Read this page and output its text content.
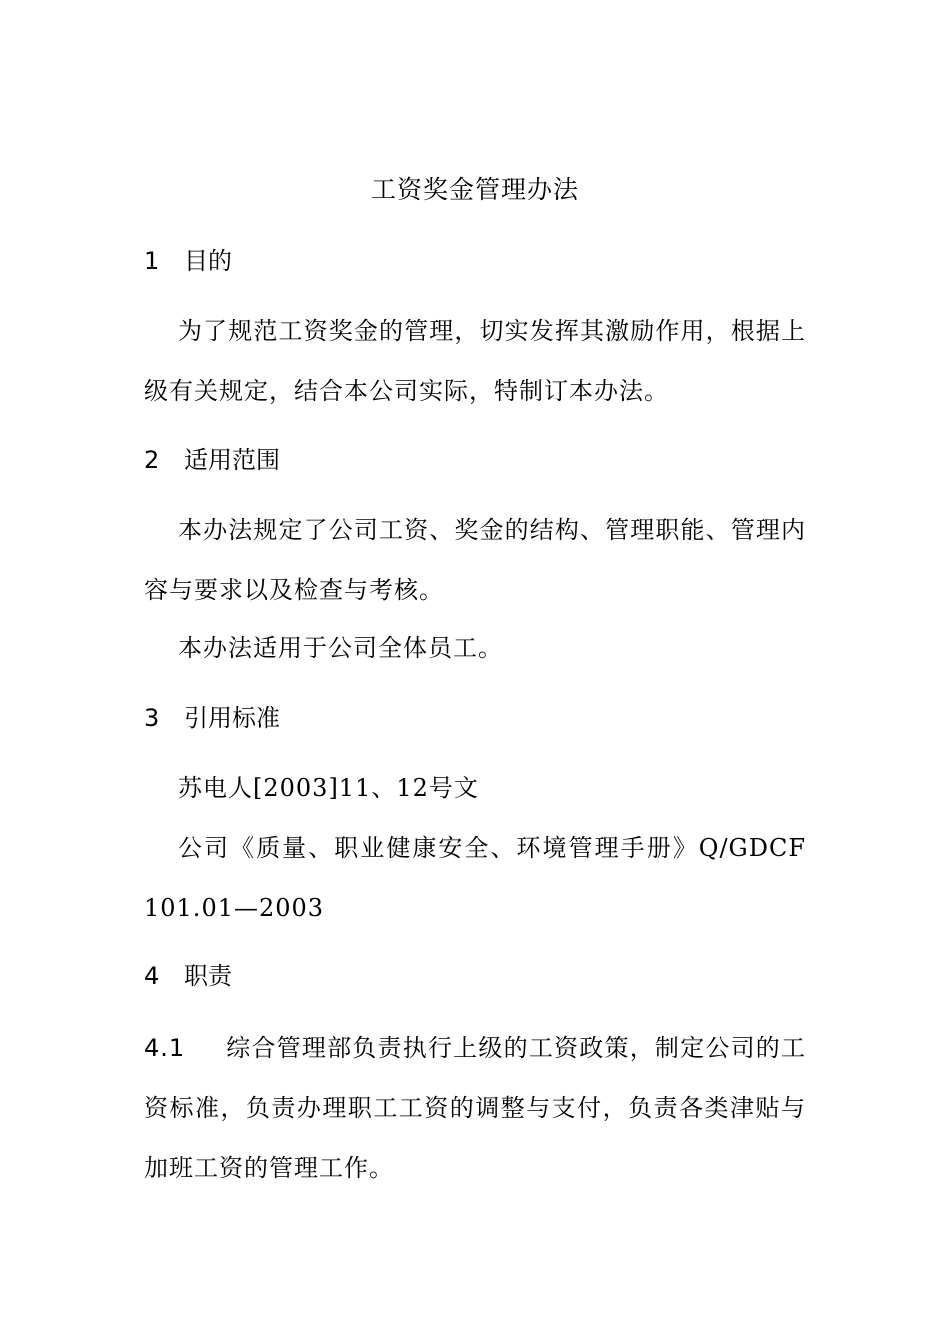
工资奖金管理办法
1 目的
为了规范工资奖金的管理，切实发挥其激励作用，根据上级有关规定，结合本公司实际，特制订本办法。
2 适用范围
本办法规定了公司工资、奖金的结构、管理职能、管理内容与要求以及检查与考核。
本办法适用于公司全体员工。
3 引用标准
苏电人[2003]11、12号文
公司《质量、职业健康安全、环境管理手册》Q/GDCF 101.01—2003
4 职责
4.1 综合管理部负责执行上级的工资政策，制定公司的工资标准，负责办理职工工资的调整与支付，负责各类津贴与加班工资的管理工作。
